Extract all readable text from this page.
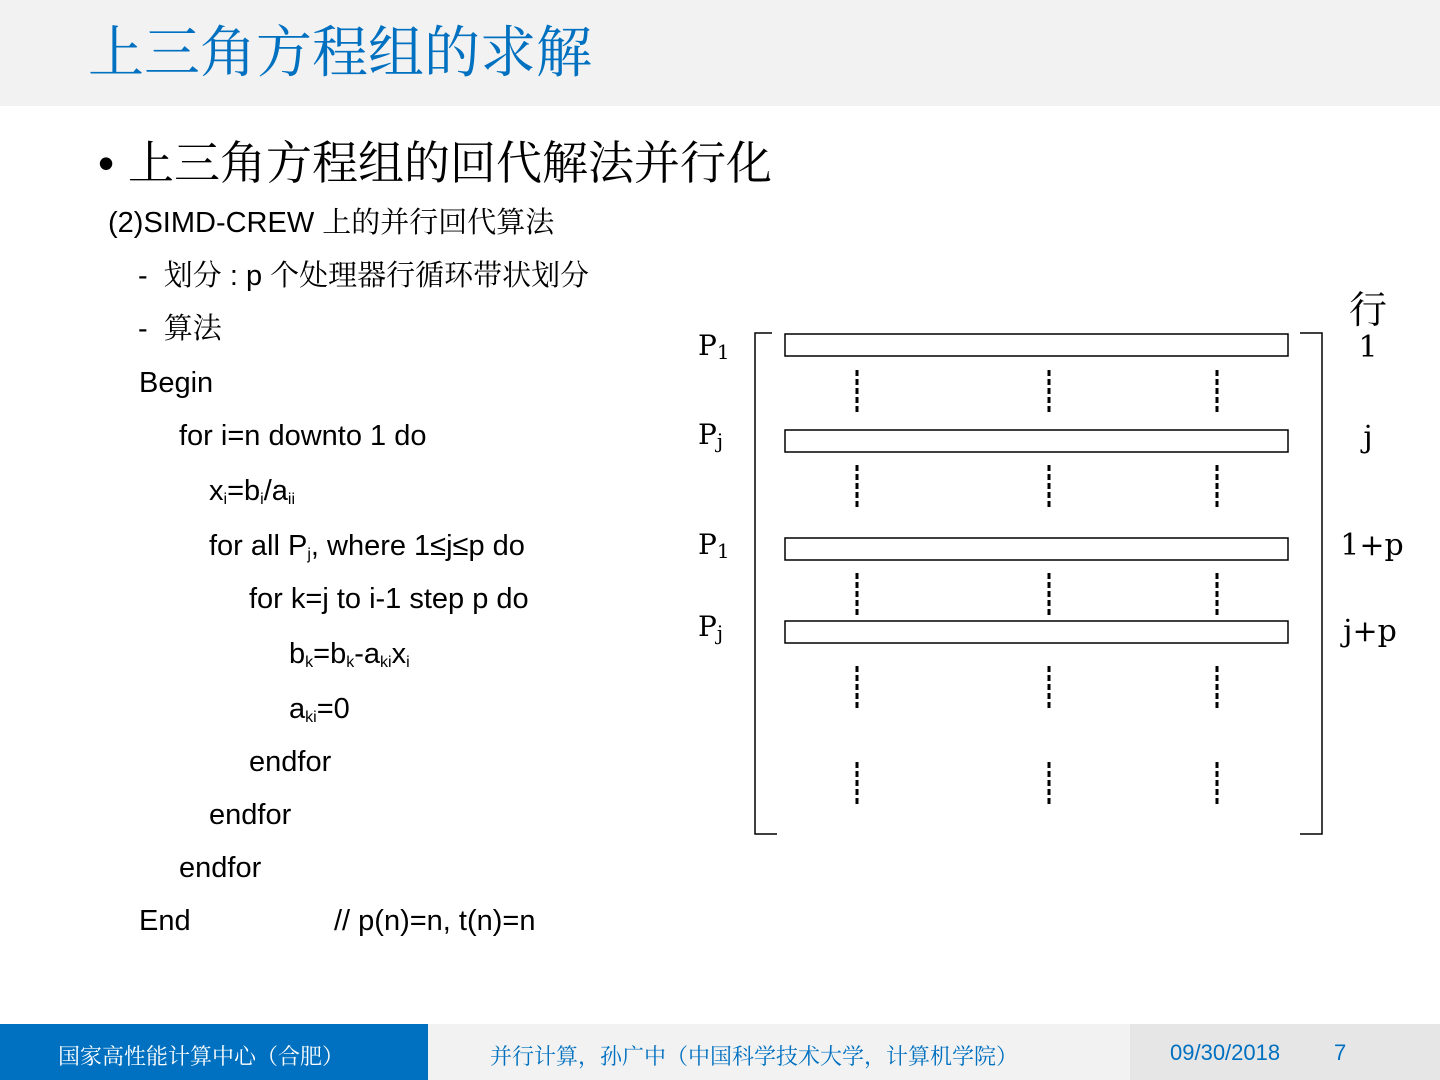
上三角方程组的求解
• 上三角方程组的回代解法并行化
(2)SIMD-CREW 上的并行回代算法
- 划分 : p 个处理器行循环带状划分
- 算法
Begin
for i=n downto 1 do
$x_i=b_i/a_{ii}$
for all $P_j$, where 1≤j≤p do
for k=j to i-1 step p do
$b_k=b_k-a_{ki}x_i$
$a_{ki}=0$
endfor
endfor
endfor
End	// p(n)=n, t(n)=n
P1
Pj
P1
Pj
行
1
j
1+p
j+p
国家高性能计算中心（合肥）	并行计算，孙广中（中国科学技术大学，计算机学院）	09/30/2018	7
